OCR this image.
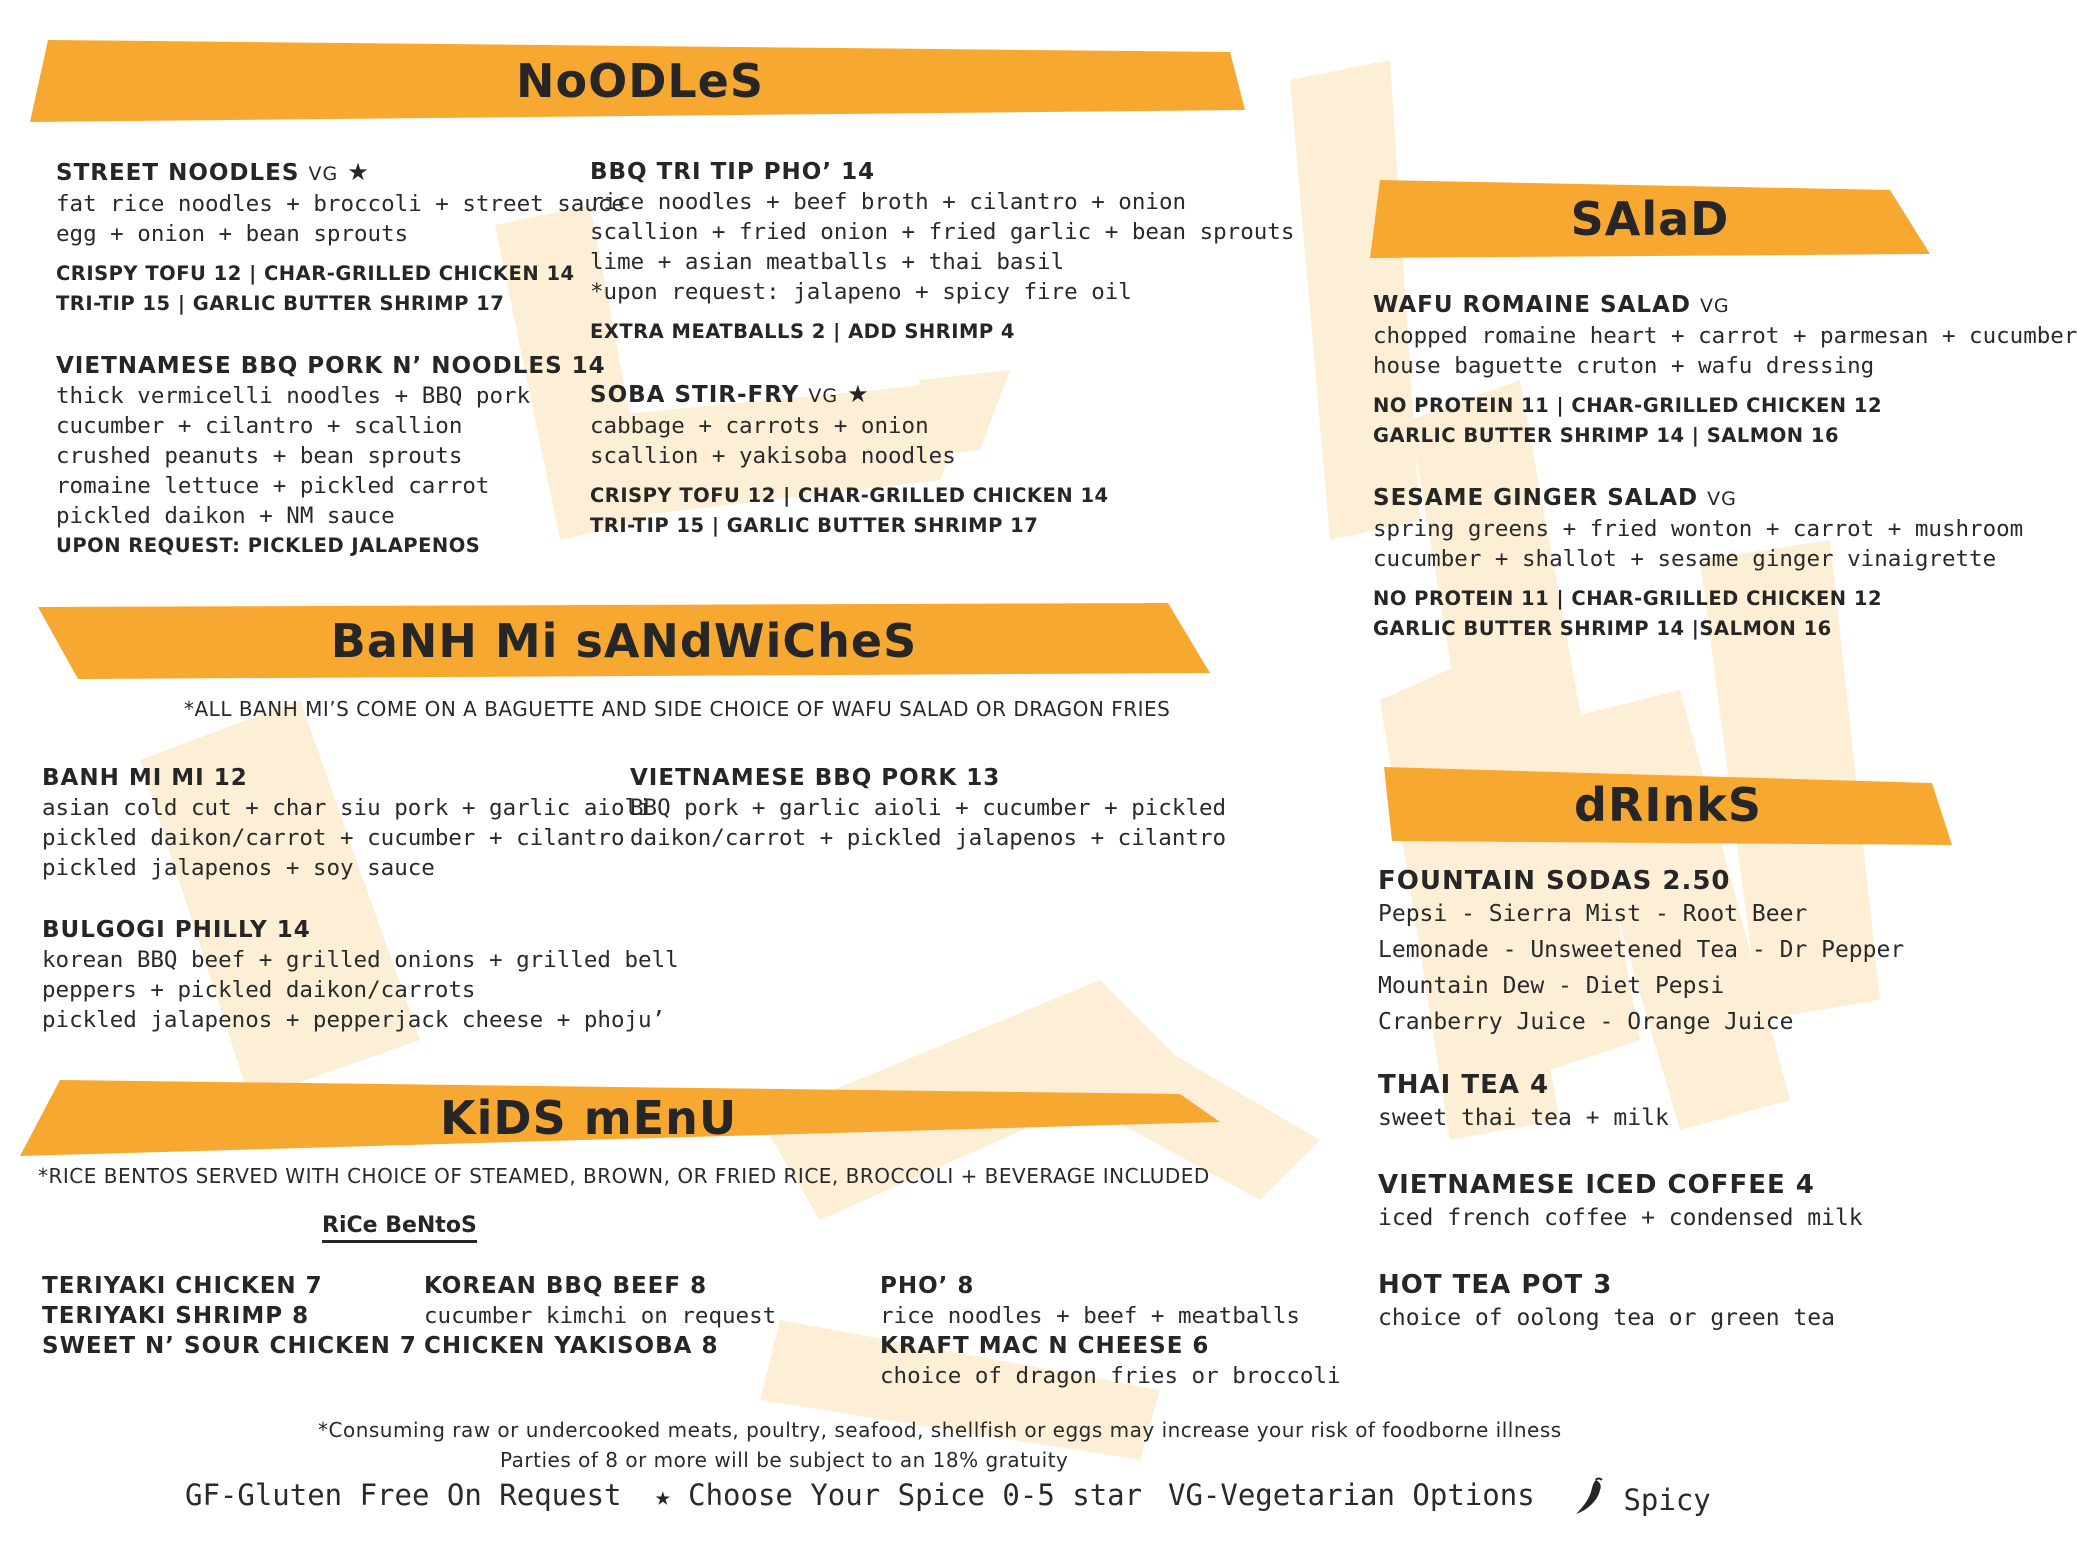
NoODLeS
STREET NOODLES VG ★
fat rice noodles + broccoli + street sauce
egg + onion + bean sprouts
CRISPY TOFU 12 | CHAR-GRILLED CHICKEN 14
TRI-TIP 15 | GARLIC BUTTER SHRIMP 17
VIETNAMESE BBQ PORK N’ NOODLES 14
thick vermicelli noodles + BBQ pork
cucumber + cilantro + scallion
crushed peanuts + bean sprouts
romaine lettuce + pickled carrot
pickled daikon + NM sauce
UPON REQUEST: PICKLED JALAPENOS
BBQ TRI TIP PHO’ 14
rice noodles + beef broth + cilantro + onion
scallion + fried onion + fried garlic + bean sprouts
lime + asian meatballs + thai basil
*upon request: jalapeno + spicy fire oil
EXTRA MEATBALLS 2 | ADD SHRIMP 4
SOBA STIR-FRY VG ★
cabbage + carrots + onion
scallion + yakisoba noodles
CRISPY TOFU 12 | CHAR-GRILLED CHICKEN 14
TRI-TIP 15 | GARLIC BUTTER SHRIMP 17
SAlaD
WAFU ROMAINE SALAD VG
chopped romaine heart + carrot + parmesan + cucumber
house baguette cruton + wafu dressing
NO PROTEIN 11 | CHAR-GRILLED CHICKEN 12
GARLIC BUTTER SHRIMP 14 | SALMON 16
SESAME GINGER SALAD VG
spring greens + fried wonton + carrot + mushroom
cucumber + shallot + sesame ginger vinaigrette
NO PROTEIN 11 | CHAR-GRILLED CHICKEN 12
GARLIC BUTTER SHRIMP 14 |SALMON 16
BaNH Mi sANdWiCheS
*ALL BANH MI’S COME ON A BAGUETTE AND SIDE CHOICE OF WAFU SALAD OR DRAGON FRIES
BANH MI MI 12
asian cold cut + char siu pork + garlic aioli
pickled daikon/carrot + cucumber + cilantro
pickled jalapenos + soy sauce
BULGOGI PHILLY 14
korean BBQ beef + grilled onions + grilled bell
peppers + pickled daikon/carrots
pickled jalapenos + pepperjack cheese + phoju’
VIETNAMESE BBQ PORK 13
BBQ pork + garlic aioli + cucumber + pickled
daikon/carrot + pickled jalapenos + cilantro
dRInkS
FOUNTAIN SODAS 2.50
Pepsi - Sierra Mist - Root Beer
Lemonade - Unsweetened Tea - Dr Pepper
Mountain Dew - Diet Pepsi
Cranberry Juice - Orange Juice
THAI TEA 4
sweet thai tea + milk
VIETNAMESE ICED COFFEE 4
iced french coffee + condensed milk
HOT TEA POT 3
choice of oolong tea or green tea
KiDS mEnU
*RICE BENTOS SERVED WITH CHOICE OF STEAMED, BROWN, OR FRIED RICE, BROCCOLI + BEVERAGE INCLUDED
RiCe BeNtoS
TERIYAKI CHICKEN 7
TERIYAKI SHRIMP 8
SWEET N’ SOUR CHICKEN 7
KOREAN BBQ BEEF 8
cucumber kimchi on request
CHICKEN YAKISOBA 8
PHO’ 8
rice noodles + beef + meatballs
KRAFT MAC N CHEESE 6
choice of dragon fries or broccoli
*Consuming raw or undercooked meats, poultry, seafood, shellfish or eggs may increase your risk of foodborne illness
Parties of 8 or more will be subject to an 18% gratuity
GF-Gluten Free On Request ★ Choose Your Spice 0-5 star VG-Vegetarian Options	Spicy
